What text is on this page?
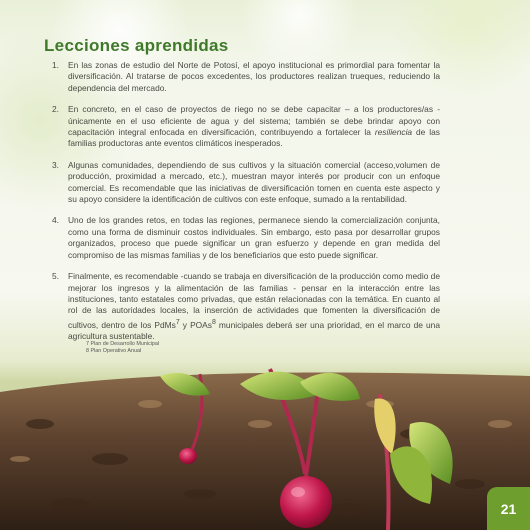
Lecciones aprendidas
1. En las zonas de estudio del Norte de Potosí, el apoyo institucional es primordial para fomentar la diversificación. Al tratarse de pocos excedentes, los productores realizan trueques, reduciendo la dependencia del mercado.
2. En concreto, en el caso de proyectos de riego no se debe capacitar – a los productores/as - únicamente en el uso eficiente de agua y del sistema; también se debe brindar apoyo con capacitación integral enfocada en diversificación, contribuyendo a fortalecer la resiliencia de las familias productoras ante eventos climáticos inesperados.
3. Algunas comunidades, dependiendo de sus cultivos y la situación comercial (acceso,volumen de producción, proximidad a mercado, etc.), muestran mayor interés por producir con un enfoque comercial. Es recomendable que las iniciativas de diversificación tomen en cuenta este aspecto y su apoyo considere la identificación de cultivos con este enfoque, sumado a la rentabilidad.
4. Uno de los grandes retos, en todas las regiones, permanece siendo la comercialización conjunta, como una forma de disminuir costos individuales. Sin embargo, esto pasa por desarrollar grupos organizados, proceso que puede significar un gran esfuerzo y depende en gran medida del compromiso de las mismas familias y de los beneficiarios que esto puede significar.
5. Finalmente, es recomendable -cuando se trabaja en diversificación de la producción como medio de mejorar los ingresos y la alimentación de las familias - pensar en la interacción entre las instituciones, tanto estatales como privadas, que están relacionadas con la temática. En cuanto al rol de las autoridades locales, la inserción de actividades que fomenten la diversificación de cultivos, dentro de los PdMs$^7$ y POAs$^8$ municipales deberá ser una prioridad, en el marco de una agricultura sustentable.
7 Plan de Desarrollo Municipal
8 Plan Operativo Anual
21
